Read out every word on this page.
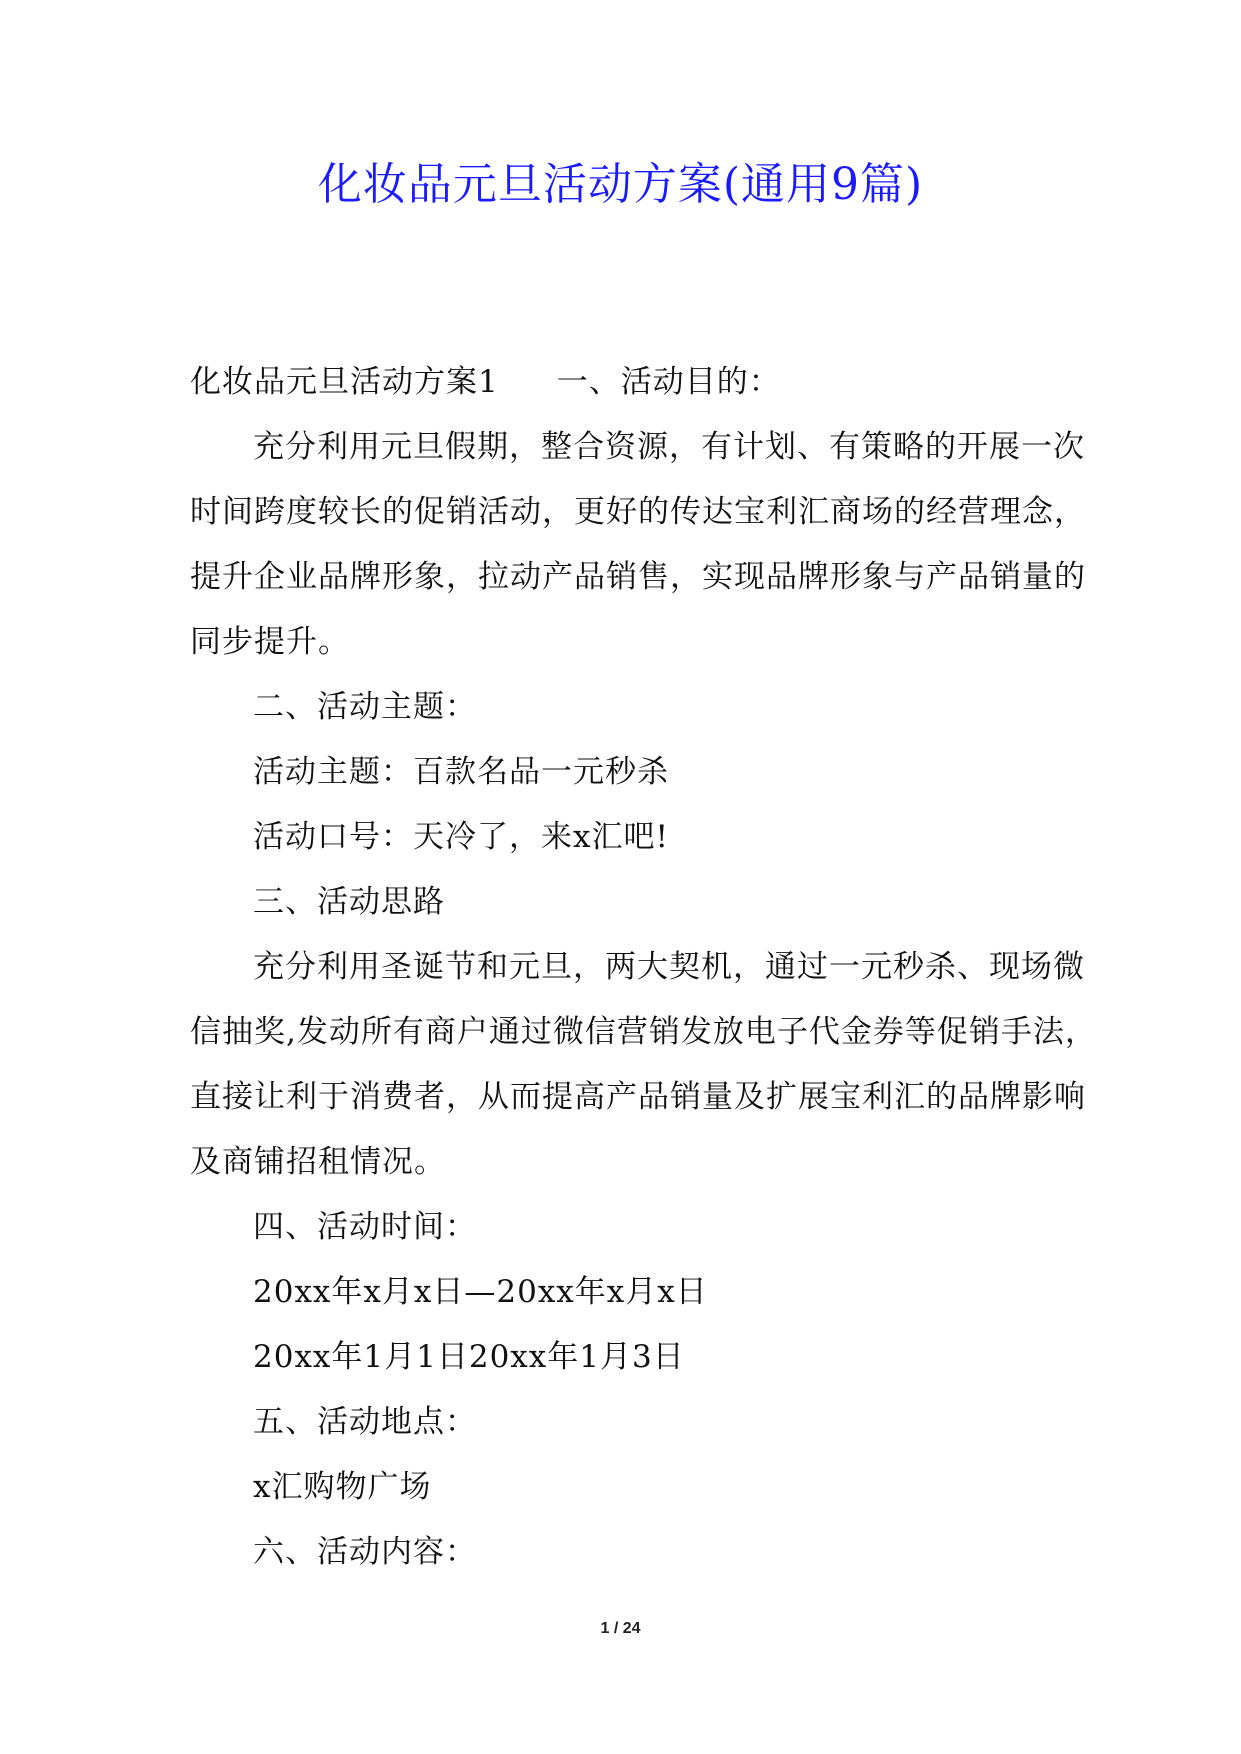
化妆品元旦活动方案(通用9篇)
化妆品元旦活动方案1 一、活动目的：
充分利用元旦假期，整合资源，有计划、有策略的开展一次
时间跨度较长的促销活动，更好的传达宝利汇商场的经营理念，
提升企业品牌形象，拉动产品销售，实现品牌形象与产品销量的
同步提升。
二、活动主题：
活动主题：百款名品一元秒杀
活动口号：天冷了，来x汇吧!
三、活动思路
充分利用圣诞节和元旦，两大契机，通过一元秒杀、现场微
信抽奖,发动所有商户通过微信营销发放电子代金券等促销手法，
直接让利于消费者，从而提高产品销量及扩展宝利汇的品牌影响
及商铺招租情况。
四、活动时间：
20xx年x月x日—20xx年x月x日
20xx年1月1日20xx年1月3日
五、活动地点：
x汇购物广场
六、活动内容：
1 / 24
